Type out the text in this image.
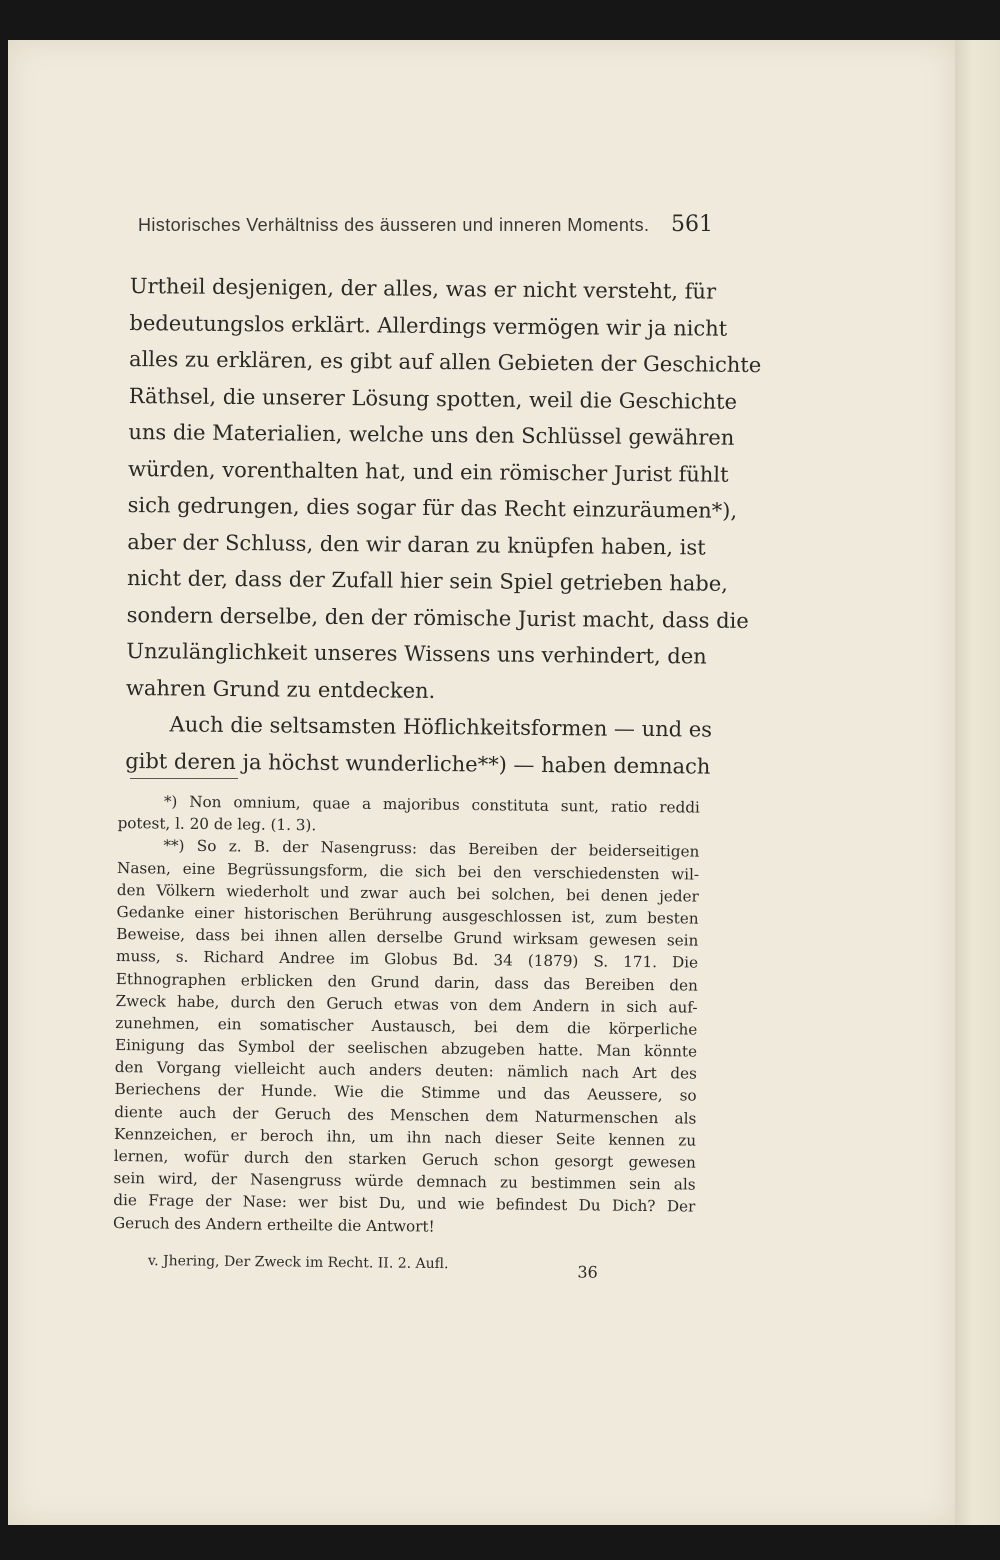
Historisches Verhältniss des äusseren und inneren Moments. 561
Urtheil desjenigen, der alles, was er nicht versteht, für
bedeutungslos erklärt. Allerdings vermögen wir ja nicht
alles zu erklären, es gibt auf allen Gebieten der Geschichte
Räthsel, die unserer Lösung spotten, weil die Geschichte
uns die Materialien, welche uns den Schlüssel gewähren
würden, vorenthalten hat, und ein römischer Jurist fühlt
sich gedrungen, dies sogar für das Recht einzuräumen*),
aber der Schluss, den wir daran zu knüpfen haben, ist
nicht der, dass der Zufall hier sein Spiel getrieben habe,
sondern derselbe, den der römische Jurist macht, dass die
Unzulänglichkeit unseres Wissens uns verhindert, den
wahren Grund zu entdecken.
Auch die seltsamsten Höflichkeitsformen — und es
gibt deren ja höchst wunderliche**) — haben demnach
*) Non omnium, quae a majoribus constituta sunt, ratio reddi
potest, l. 20 de leg. (1. 3).
**) So z. B. der Nasengruss: das Bereiben der beiderseitigen
Nasen, eine Begrüssungsform, die sich bei den verschiedensten wil-
den Völkern wiederholt und zwar auch bei solchen, bei denen jeder
Gedanke einer historischen Berührung ausgeschlossen ist, zum besten
Beweise, dass bei ihnen allen derselbe Grund wirksam gewesen sein
muss, s. Richard Andree im Globus Bd. 34 (1879) S. 171. Die
Ethnographen erblicken den Grund darin, dass das Bereiben den
Zweck habe, durch den Geruch etwas von dem Andern in sich auf-
zunehmen, ein somatischer Austausch, bei dem die körperliche
Einigung das Symbol der seelischen abzugeben hatte. Man könnte
den Vorgang vielleicht auch anders deuten: nämlich nach Art des
Beriechens der Hunde. Wie die Stimme und das Aeussere, so
diente auch der Geruch des Menschen dem Naturmenschen als
Kennzeichen, er beroch ihn, um ihn nach dieser Seite kennen zu
lernen, wofür durch den starken Geruch schon gesorgt gewesen
sein wird, der Nasengruss würde demnach zu bestimmen sein als
die Frage der Nase: wer bist Du, und wie befindest Du Dich? Der
Geruch des Andern ertheilte die Antwort!
v. Jhering, Der Zweck im Recht. II. 2. Aufl.	36
